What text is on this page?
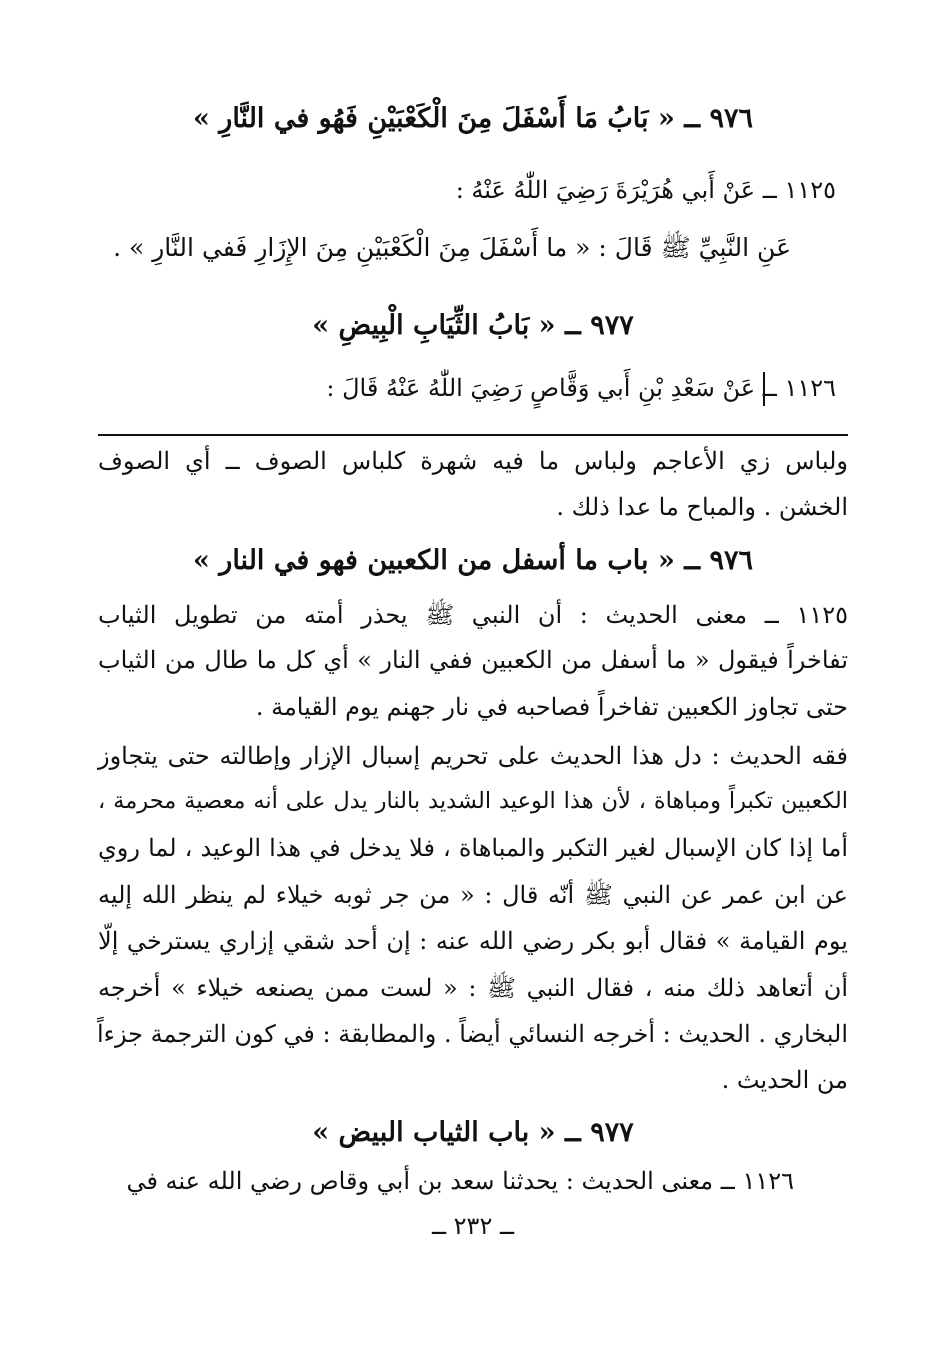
٩٧٦ ــ « بَابُ مَا أَسْفَلَ مِنَ الْكَعْبَيْنِ فَهُو في النَّارِ »
١١٢٥ ــ عَنْ أَبي هُرَيْرَةَ رَضِيَ اللّٰهُ عَنْهُ :
عَنِ النَّبِيِّ ﷺ قَالَ : « ما أَسْفَلَ مِنَ الْكَعْبَيْنِ مِنَ الإِزَارِ فَفي النَّارِ » .
٩٧٧ ــ « بَابُ الثِّيَابِ الْبِيضِ »
١١٢٦ ــ عَنْ سَعْدِ بْنِ أَبي وَقَّاصٍ رَضِيَ اللّٰهُ عَنْهُ قَالَ :
ولباس زي الأعاجم ولباس ما فيه شهرة كلباس الصوف ــ أي الصوف
الخشن . والمباح ما عدا ذلك .
٩٧٦ ــ « باب ما أسفل من الكعبين فهو في النار »
١١٢٥ ــ معنى الحديث : أن النبي ﷺ يحذر أمته من تطويل الثياب
تفاخراً فيقول « ما أسفل من الكعبين ففي النار » أي كل ما طال من الثياب
حتى تجاوز الكعبين تفاخراً فصاحبه في نار جهنم يوم القيامة .
فقه الحديث : دل هذا الحديث على تحريم إسبال الإزار وإطالته حتى يتجاوز
الكعبين تكبراً ومباهاة ، لأن هذا الوعيد الشديد بالنار يدل على أنه معصية محرمة ،
أما إذا كان الإسبال لغير التكبر والمباهاة ، فلا يدخل في هذا الوعيد ، لما روي
عن ابن عمر عن النبي ﷺ أنّه قال : « من جر ثوبه خيلاء لم ينظر الله إليه
يوم القيامة » فقال أبو بكر رضي الله عنه : إن أحد شقي إزاري يسترخي إلّا
أن أتعاهد ذلك منه ، فقال النبي ﷺ : « لست ممن يصنعه خيلاء » أخرجه
البخاري . الحديث : أخرجه النسائي أيضاً . والمطابقة : في كون الترجمة جزءاً
من الحديث .
٩٧٧ ــ « باب الثياب البيض »
١١٢٦ ــ معنى الحديث : يحدثنا سعد بن أبي وقاص رضي الله عنه في
ــ ٢٣٢ ــ
